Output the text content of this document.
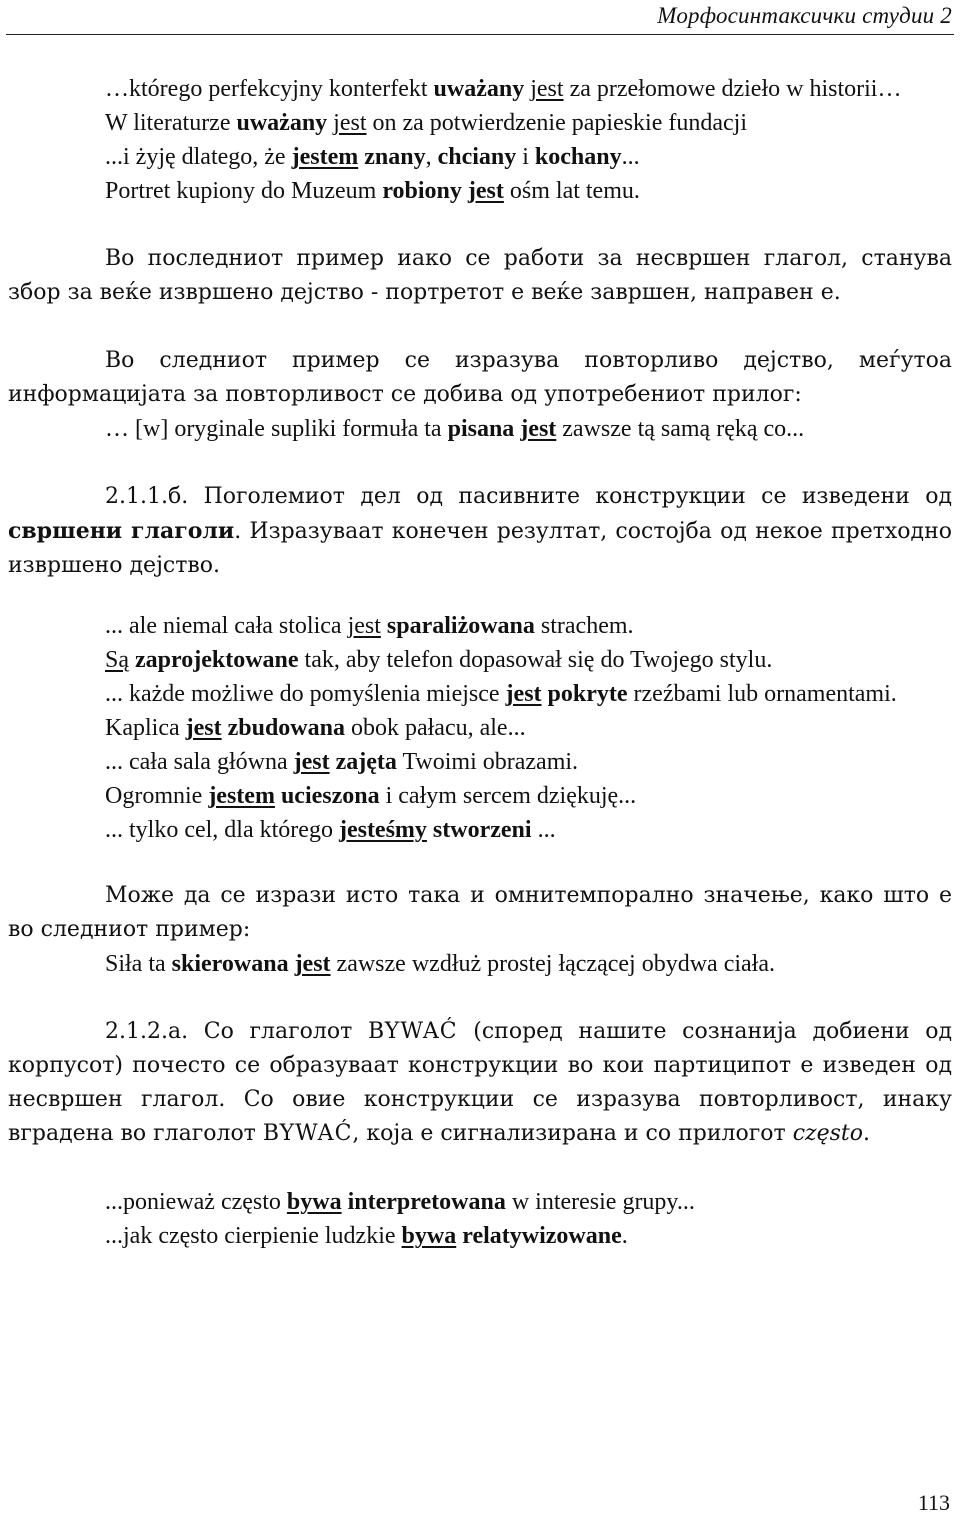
Морфосинтаксички студии 2
…którego perfekcyjny konterfekt uważany jest za przełomowe dzieło w historii…
W literaturze uważany jest on za potwierdzenie papieskie fundacji
...i żyję dlatego, że jestem znany, chciany i kochany...
Portret kupiony do Muzeum robiony jest ośm lat temu.
Во последниот пример иако се работи за несвршен глагол, станува збор за веќе извршено дејство - портретот е веќе завршен, направен е.
Во следниот пример се изразува повторливо дејство, меѓутоа информацијата за повторливост се добива од употребениот прилог:
… [w] oryginale supliki formuła ta pisana jest zawsze tą samą ręką co...
2.1.1.б. Поголемиот дел од пасивните конструкции се изведени од свршени глаголи. Изразуваат конечен резултат, состојба од некое претходно извршено дејство.
... ale niemal cała stolica jest sparaliżowana strachem.
Są zaprojektowane tak, aby telefon dopasował się do Twojego stylu.
... każde możliwe do pomyślenia miejsce jest pokryte rzeźbami lub ornamentami.
Kaplica jest zbudowana obok pałacu, ale...
... cała sala główna jest zajęta Twoimi obrazami.
Ogromnie jestem ucieszona i całym sercem dziękuję...
... tylko cel, dla którego jesteśmy stworzeni ...
Може да се изрази исто така и омнитемпорално значење, како што е во следниот пример:
Siła ta skierowana jest zawsze wzdłuż prostej łączącej obydwa ciała.
2.1.2.а. Со глаголот BYWAĆ (според нашите сознанија добиени од корпусот) почесто се образуваат конструкции во кои партиципот е изведен од несвршен глагол. Со овие конструкции се изразува повторливост, инаку вградена во глаголот BYWAĆ, која е сигнализирана и со прилогот często.
...ponieważ często bywa interpretowana w interesie grupy...
...jak często cierpienie ludzkie bywa relatywizowane.
113
